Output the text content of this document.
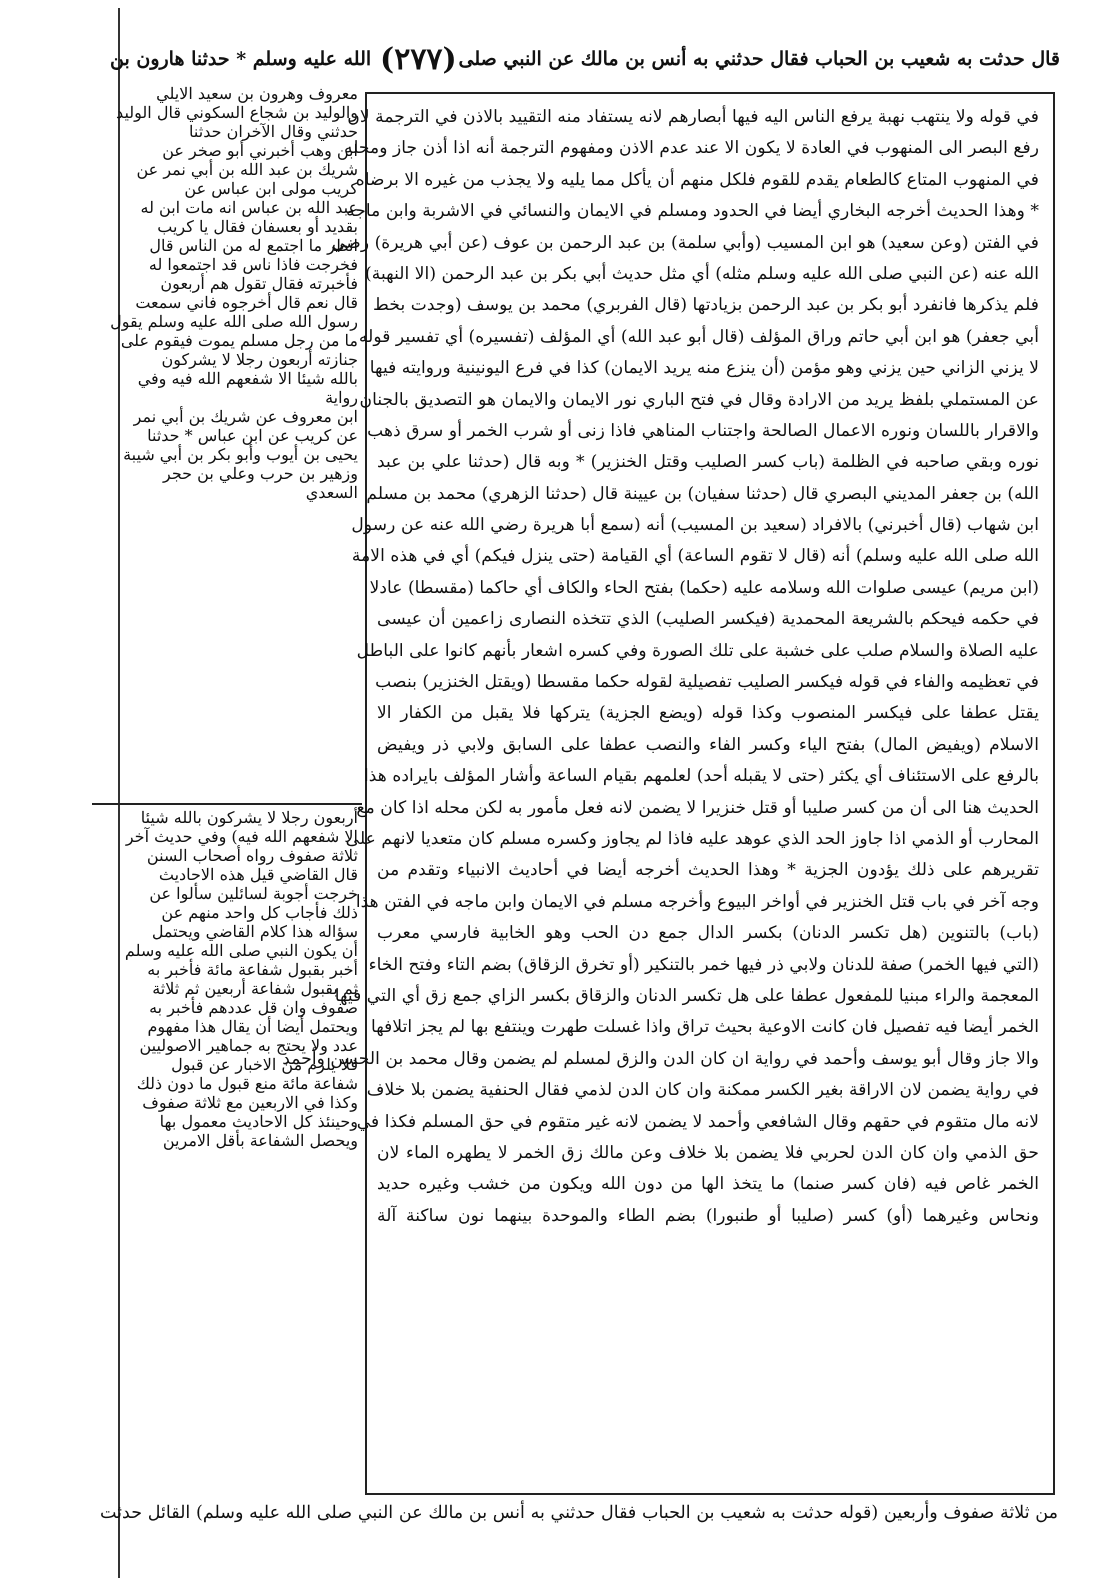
قال حدثت به شعيب بن الحباب فقال حدثني به أنس بن مالك عن النبي صلى
(٢٧٧)
الله عليه وسلم * حدثنا هارون بن
في قوله ولا ينتهب نهبة يرفع الناس اليه فيها أبصارهم لانه يستفاد منه التقييد بالاذن في الترجمة لان
رفع البصر الى المنهوب في العادة لا يكون الا عند عدم الاذن ومفهوم الترجمة أنه اذا أذن جاز ومحله
في المنهوب المتاع كالطعام يقدم للقوم فلكل منهم أن يأكل مما يليه ولا يجذب من غيره الا برضاه
* وهذا الحديث أخرجه البخاري أيضا في الحدود ومسلم في الايمان والنسائي في الاشربة وابن ماجه
في الفتن (وعن سعيد) هو ابن المسيب (وأبي سلمة) بن عبد الرحمن بن عوف (عن أبي هريرة) رضي
الله عنه (عن النبي صلى الله عليه وسلم مثله) أي مثل حديث أبي بكر بن عبد الرحمن (الا النهبة)
فلم يذكرها فانفرد أبو بكر بن عبد الرحمن بزيادتها (قال الفربري) محمد بن يوسف (وجدت بخط
أبي جعفر) هو ابن أبي حاتم وراق المؤلف (قال أبو عبد الله) أي المؤلف (تفسيره) أي تفسير قوله
لا يزني الزاني حين يزني وهو مؤمن (أن ينزع منه يريد الايمان) كذا في فرع اليونينية وروايته فيها
عن المستملي بلفظ يريد من الارادة وقال في فتح الباري نور الايمان والايمان هو التصديق بالجنان
والاقرار باللسان ونوره الاعمال الصالحة واجتناب المناهي فاذا زنى أو شرب الخمر أو سرق ذهب
نوره وبقي صاحبه في الظلمة (باب كسر الصليب وقتل الخنزير) * وبه قال (حدثنا علي بن عبد
الله) بن جعفر المديني البصري قال (حدثنا سفيان) بن عيينة قال (حدثنا الزهري) محمد بن مسلم
ابن شهاب (قال أخبرني) بالافراد (سعيد بن المسيب) أنه (سمع أبا هريرة رضي الله عنه عن رسول
الله صلى الله عليه وسلم) أنه (قال لا تقوم الساعة) أي القيامة (حتى ينزل فيكم) أي في هذه الامة
(ابن مريم) عيسى صلوات الله وسلامه عليه (حكما) بفتح الحاء والكاف أي حاكما (مقسطا) عادلا
في حكمه فيحكم بالشريعة المحمدية (فيكسر الصليب) الذي تتخذه النصارى زاعمين أن عيسى
عليه الصلاة والسلام صلب على خشبة على تلك الصورة وفي كسره اشعار بأنهم كانوا على الباطل
في تعظيمه والفاء في قوله فيكسر الصليب تفصيلية لقوله حكما مقسطا (ويقتل الخنزير) بنصب
يقتل عطفا على فيكسر المنصوب وكذا قوله (ويضع الجزية) يتركها فلا يقبل من الكفار الا
الاسلام (ويفيض المال) بفتح الياء وكسر الفاء والنصب عطفا على السابق ولابي ذر ويفيض
بالرفع على الاستئناف أي يكثر (حتى لا يقبله أحد) لعلمهم بقيام الساعة وأشار المؤلف بايراده هذا
الحديث هنا الى أن من كسر صليبا أو قتل خنزيرا لا يضمن لانه فعل مأمور به لكن محله اذا كان مع
المحارب أو الذمي اذا جاوز الحد الذي عوهد عليه فاذا لم يجاوز وكسره مسلم كان متعديا لانهم على
تقريرهم على ذلك يؤدون الجزية * وهذا الحديث أخرجه أيضا في أحاديث الانبياء وتقدم من
وجه آخر في باب قتل الخنزير في أواخر البيوع وأخرجه مسلم في الايمان وابن ماجه في الفتن هذا
(باب) بالتنوين (هل تكسر الدنان) بكسر الدال جمع دن الحب وهو الخابية فارسي معرب
(التي فيها الخمر) صفة للدنان ولابي ذر فيها خمر بالتنكير (أو تخرق الزقاق) بضم التاء وفتح الخاء
المعجمة والراء مبنيا للمفعول عطفا على هل تكسر الدنان والزقاق بكسر الزاي جمع زق أي التي فيها
الخمر أيضا فيه تفصيل فان كانت الاوعية بحيث تراق واذا غسلت طهرت وينتفع بها لم يجز اتلافها
والا جاز وقال أبو يوسف وأحمد في رواية ان كان الدن والزق لمسلم لم يضمن وقال محمد بن الحسن وأحمد
في رواية يضمن لان الاراقة بغير الكسر ممكنة وان كان الدن لذمي فقال الحنفية يضمن بلا خلاف
لانه مال متقوم في حقهم وقال الشافعي وأحمد لا يضمن لانه غير متقوم في حق المسلم فكذا في
حق الذمي وان كان الدن لحربي فلا يضمن بلا خلاف وعن مالك زق الخمر لا يطهره الماء لان
الخمر غاص فيه (فان كسر صنما) ما يتخذ الها من دون الله ويكون من خشب وغيره حديد
ونحاس وغيرهما (أو) كسر (صليبا أو طنبورا) بضم الطاء والموحدة بينهما نون ساكنة آلة
معروف وهرون بن سعيد الايلي
والوليد بن شجاع السكوني قال الوليد
حدثني وقال الآخران حدثنا
ابن وهب أخبرني أبو صخر عن
شريك بن عبد الله بن أبي نمر عن
كريب مولى ابن عباس عن
عبد الله بن عباس انه مات ابن له
بقديد أو بعسفان فقال يا كريب
انظر ما اجتمع له من الناس قال
فخرجت فاذا ناس قد اجتمعوا له
فأخبرته فقال تقول هم أربعون
قال نعم قال أخرجوه فاني سمعت
رسول الله صلى الله عليه وسلم يقول
ما من رجل مسلم يموت فيقوم على
جنازته أربعون رجلا لا يشركون
بالله شيئا الا شفعهم الله فيه وفي رواية
ابن معروف عن شريك بن أبي نمر
عن كريب عن ابن عباس * حدثنا
يحيى بن أيوب وأبو بكر بن أبي شيبة
وزهير بن حرب وعلي بن حجر السعدي
أربعون رجلا لا يشركون بالله شيئا
الا شفعهم الله فيه) وفي حديث آخر
ثلاثة صفوف رواه أصحاب السنن
قال القاضي قيل هذه الاحاديث
خرجت أجوبة لسائلين سألوا عن
ذلك فأجاب كل واحد منهم عن
سؤاله هذا كلام القاضي ويحتمل
أن يكون النبي صلى الله عليه وسلم
أخبر بقبول شفاعة مائة فأخبر به
ثم بقبول شفاعة أربعين ثم ثلاثة
صفوف وان قل عددهم فأخبر به
ويحتمل أيضا أن يقال هذا مفهوم
عدد ولا يحتج به جماهير الاصوليين
فلا يلزم من الاخبار عن قبول
شفاعة مائة منع قبول ما دون ذلك
وكذا في الاربعين مع ثلاثة صفوف
وحينئذ كل الاحاديث معمول بها
ويحصل الشفاعة بأقل الامرين
من ثلاثة صفوف وأربعين (قوله حدثت به شعيب بن الحباب فقال حدثني به أنس بن مالك عن النبي صلى الله عليه وسلم) القائل حدثت
